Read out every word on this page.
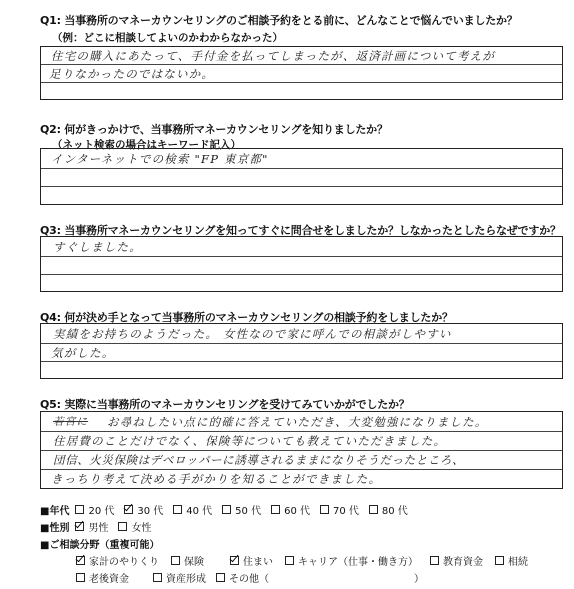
Q1: 当事務所のマネーカウンセリングのご相談予約をとる前に、どんなことで悩んでいましたか？
（例：どこに相談してよいのかわからなかった）
住宅の購入にあたって、手付金を払ってしまったが、返済計画について考えが
足りなかったのではないか。
Q2: 何がきっかけで、当事務所マネーカウンセリングを知りましたか？
（ネット検索の場合はキーワード記入）
インターネットでの検索 "FP 東京都"
Q3: 当事務所マネーカウンセリングを知ってすぐに問合せをしましたか？しなかったとしたらなぜですか？
すぐしました。
Q4: 何が決め手となって当事務所のマネーカウンセリングの相談予約をしましたか？
実績をお持ちのようだった。 女性なので家に呼んでの相談がしやすい
気がした。
Q5: 実際に当事務所のマネーカウンセリングを受けてみていかがでしたか？
若宮に お尋ねしたい点に的確に答えていただき、大変勉強になりました。
住居費のことだけでなく、保険等についても教えていただきました。
団信、火災保険はデベロッパーに誘導されるままになりそうだったところ、
きっちり考えて決める手がかりを知ることができました。
■年代 20 代 30 代 40 代 50 代 60 代 70 代 80 代
■性別 男性 女性
■ご相談分野（重複可能）
家計のやりくり	保険	住まい	キャリア（仕事・働き方）	教育資金	相続
老後資金	資産形成 その他（	）
